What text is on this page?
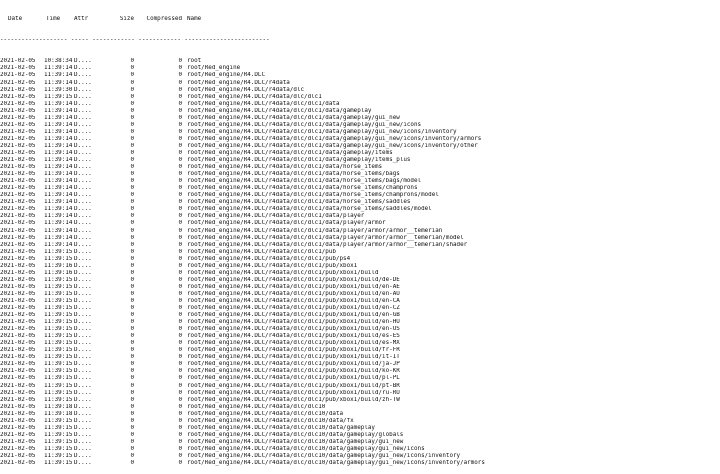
Date	Time	Attr	Size	Compressed Name

------------------- ----- ------------ ------------ ------------------------

2021-02-05	10:38:34 D....	0	0 root
2021-02-05	11:39:14 D....	0	0 root/Red_engine
2021-02-05	11:39:14 D....	0	0 root/Red_engine/R4.DLC
2021-02-05	11:39:14 D....	0	0 root/Red_engine/R4.DLC/r4data
2021-02-05	11:39:30 D....	0	0 root/Red_engine/R4.DLC/r4data/dlc
2021-02-05	11:39:15 D....	0	0 root/Red_engine/R4.DLC/r4data/dlc/dlc1
2021-02-05	11:39:14 D....	0	0 root/Red_engine/R4.DLC/r4data/dlc/dlc1/data
2021-02-05	11:39:14 D....	0	0 root/Red_engine/R4.DLC/r4data/dlc/dlc1/data/gameplay
2021-02-05	11:39:14 D....	0	0 root/Red_engine/R4.DLC/r4data/dlc/dlc1/data/gameplay/gui_new
2021-02-05	11:39:14 D....	0	0 root/Red_engine/R4.DLC/r4data/dlc/dlc1/data/gameplay/gui_new/icons
2021-02-05	11:39:14 D....	0	0 root/Red_engine/R4.DLC/r4data/dlc/dlc1/data/gameplay/gui_new/icons/inventory
2021-02-05	11:39:14 D....	0	0 root/Red_engine/R4.DLC/r4data/dlc/dlc1/data/gameplay/gui_new/icons/inventory/armors
2021-02-05	11:39:14 D....	0	0 root/Red_engine/R4.DLC/r4data/dlc/dlc1/data/gameplay/gui_new/icons/inventory/other
2021-02-05	11:39:14 D....	0	0 root/Red_engine/R4.DLC/r4data/dlc/dlc1/data/gameplay/items
2021-02-05	11:39:14 D....	0	0 root/Red_engine/R4.DLC/r4data/dlc/dlc1/data/gameplay/items_plus
2021-02-05	11:39:14 D....	0	0 root/Red_engine/R4.DLC/r4data/dlc/dlc1/data/horse_items
2021-02-05	11:39:14 D....	0	0 root/Red_engine/R4.DLC/r4data/dlc/dlc1/data/horse_items/bags
2021-02-05	11:39:14 D....	0	0 root/Red_engine/R4.DLC/r4data/dlc/dlc1/data/horse_items/bags/model
2021-02-05	11:39:14 D....	0	0 root/Red_engine/R4.DLC/r4data/dlc/dlc1/data/horse_items/champrons
2021-02-05	11:39:14 D....	0	0 root/Red_engine/R4.DLC/r4data/dlc/dlc1/data/horse_items/champrons/model
2021-02-05	11:39:14 D....	0	0 root/Red_engine/R4.DLC/r4data/dlc/dlc1/data/horse_items/saddles
2021-02-05	11:39:14 D....	0	0 root/Red_engine/R4.DLC/r4data/dlc/dlc1/data/horse_items/saddles/model
2021-02-05	11:39:14 D....	0	0 root/Red_engine/R4.DLC/r4data/dlc/dlc1/data/player
2021-02-05	11:39:14 D....	0	0 root/Red_engine/R4.DLC/r4data/dlc/dlc1/data/player/armor
2021-02-05	11:39:14 D....	0	0 root/Red_engine/R4.DLC/r4data/dlc/dlc1/data/player/armor/armor__temerian
2021-02-05	11:39:14 D....	0	0 root/Red_engine/R4.DLC/r4data/dlc/dlc1/data/player/armor/armor__temerian/model
2021-02-05	11:39:14 D....	0	0 root/Red_engine/R4.DLC/r4data/dlc/dlc1/data/player/armor/armor__temerian/shader
2021-02-05	11:39:15 D....	0	0 root/Red_engine/R4.DLC/r4data/dlc/dlc1/pub
2021-02-05	11:39:15 D....	0	0 root/Red_engine/R4.DLC/r4data/dlc/dlc1/pub/ps4
2021-02-05	11:39:16 D....	0	0 root/Red_engine/R4.DLC/r4data/dlc/dlc1/pub/xbox1
2021-02-05	11:39:16 D....	0	0 root/Red_engine/R4.DLC/r4data/dlc/dlc1/pub/xbox1/build
2021-02-05	11:39:15 D....	0	0 root/Red_engine/R4.DLC/r4data/dlc/dlc1/pub/xbox1/build/de-DE
2021-02-05	11:39:15 D....	0	0 root/Red_engine/R4.DLC/r4data/dlc/dlc1/pub/xbox1/build/en-AE
2021-02-05	11:39:15 D....	0	0 root/Red_engine/R4.DLC/r4data/dlc/dlc1/pub/xbox1/build/en-AU
2021-02-05	11:39:15 D....	0	0 root/Red_engine/R4.DLC/r4data/dlc/dlc1/pub/xbox1/build/en-CA
2021-02-05	11:39:15 D....	0	0 root/Red_engine/R4.DLC/r4data/dlc/dlc1/pub/xbox1/build/en-CZ
2021-02-05	11:39:15 D....	0	0 root/Red_engine/R4.DLC/r4data/dlc/dlc1/pub/xbox1/build/en-GB
2021-02-05	11:39:15 D....	0	0 root/Red_engine/R4.DLC/r4data/dlc/dlc1/pub/xbox1/build/en-HU
2021-02-05	11:39:15 D....	0	0 root/Red_engine/R4.DLC/r4data/dlc/dlc1/pub/xbox1/build/en-US
2021-02-05	11:39:15 D....	0	0 root/Red_engine/R4.DLC/r4data/dlc/dlc1/pub/xbox1/build/es-ES
2021-02-05	11:39:15 D....	0	0 root/Red_engine/R4.DLC/r4data/dlc/dlc1/pub/xbox1/build/es-MX
2021-02-05	11:39:15 D....	0	0 root/Red_engine/R4.DLC/r4data/dlc/dlc1/pub/xbox1/build/fr-FR
2021-02-05	11:39:15 D....	0	0 root/Red_engine/R4.DLC/r4data/dlc/dlc1/pub/xbox1/build/it-IT
2021-02-05	11:39:15 D....	0	0 root/Red_engine/R4.DLC/r4data/dlc/dlc1/pub/xbox1/build/ja-JP
2021-02-05	11:39:15 D....	0	0 root/Red_engine/R4.DLC/r4data/dlc/dlc1/pub/xbox1/build/ko-KR
2021-02-05	11:39:15 D....	0	0 root/Red_engine/R4.DLC/r4data/dlc/dlc1/pub/xbox1/build/pl-PL
2021-02-05	11:39:15 D....	0	0 root/Red_engine/R4.DLC/r4data/dlc/dlc1/pub/xbox1/build/pt-BR
2021-02-05	11:39:15 D....	0	0 root/Red_engine/R4.DLC/r4data/dlc/dlc1/pub/xbox1/build/ru-RU
2021-02-05	11:39:15 D....	0	0 root/Red_engine/R4.DLC/r4data/dlc/dlc1/pub/xbox1/build/zh-TW
2021-02-05	11:39:18 D....	0	0 root/Red_engine/R4.DLC/r4data/dlc/dlc10
2021-02-05	11:39:18 D....	0	0 root/Red_engine/R4.DLC/r4data/dlc/dlc10/data
2021-02-05	11:39:15 D....	0	0 root/Red_engine/R4.DLC/r4data/dlc/dlc10/data/fx
2021-02-05	11:39:15 D....	0	0 root/Red_engine/R4.DLC/r4data/dlc/dlc10/data/gameplay
2021-02-05	11:39:15 D....	0	0 root/Red_engine/R4.DLC/r4data/dlc/dlc10/data/gameplay/globals
2021-02-05	11:39:15 D....	0	0 root/Red_engine/R4.DLC/r4data/dlc/dlc10/data/gameplay/gui_new
2021-02-05	11:39:15 D....	0	0 root/Red_engine/R4.DLC/r4data/dlc/dlc10/data/gameplay/gui_new/icons
2021-02-05	11:39:15 D....	0	0 root/Red_engine/R4.DLC/r4data/dlc/dlc10/data/gameplay/gui_new/icons/inventory
2021-02-05	11:39:15 D....	0	0 root/Red_engine/R4.DLC/r4data/dlc/dlc10/data/gameplay/gui_new/icons/inventory/armors
